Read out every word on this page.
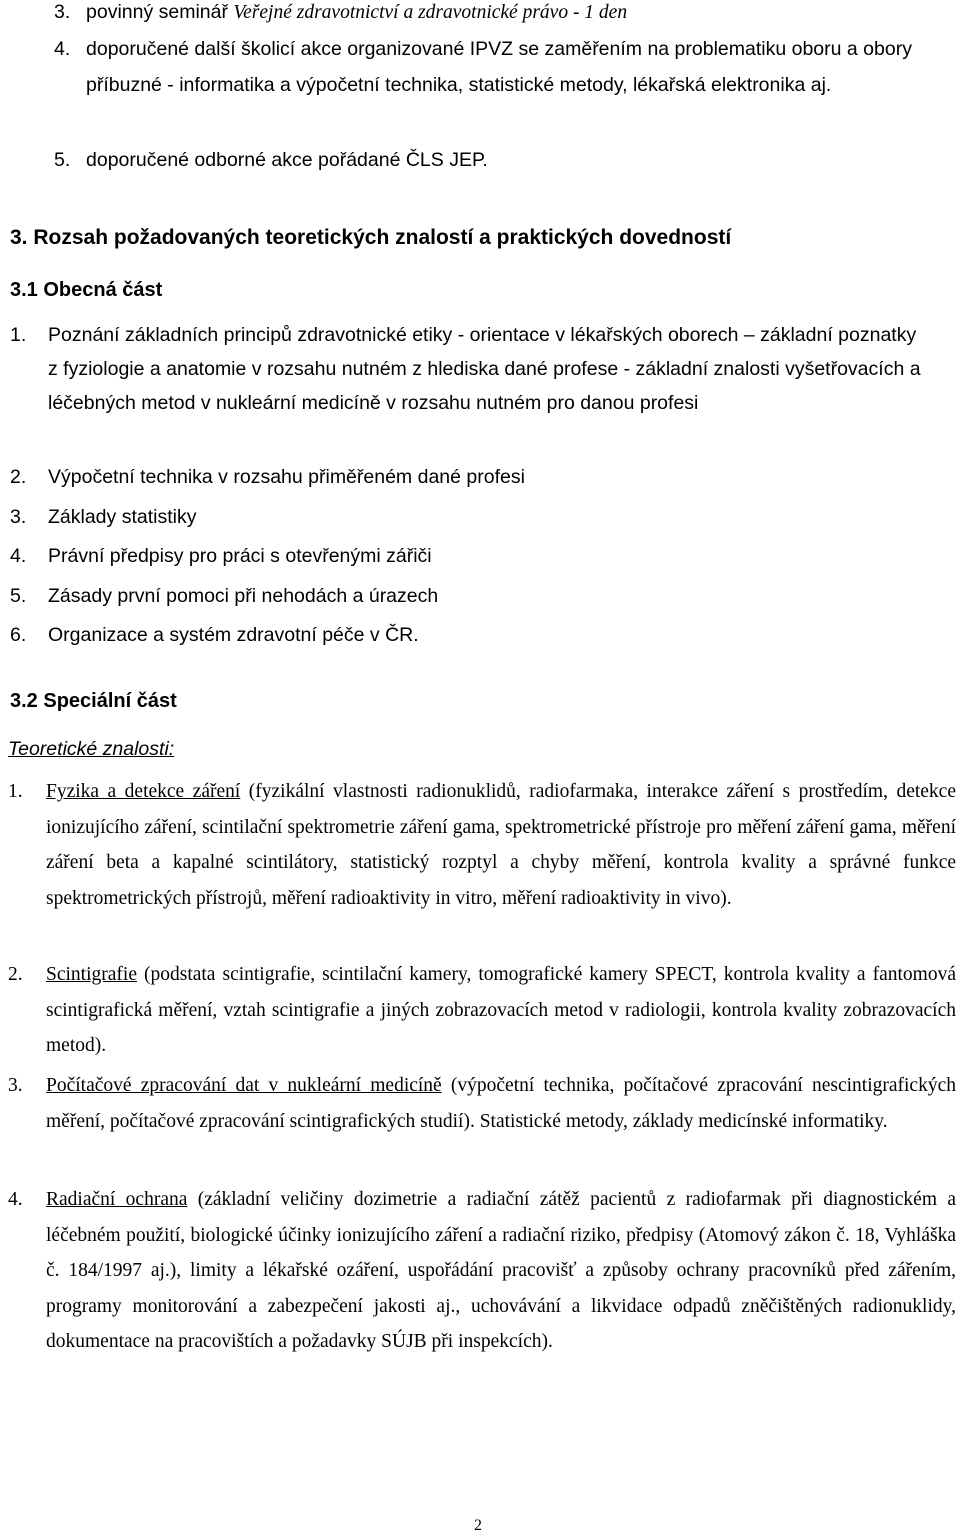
3. povinný seminář Veřejné zdravotnictví a zdravotnické právo - 1 den
4. doporučené další školicí akce organizované IPVZ se zaměřením na problematiku oboru a obory příbuzné - informatika a výpočetní technika, statistické metody, lékařská elektronika aj.
5. doporučené odborné akce pořádané ČLS JEP.
3. Rozsah požadovaných teoretických znalostí a praktických dovedností
3.1 Obecná část
1. Poznání základních principů zdravotnické etiky - orientace v lékařských oborech – základní poznatky z fyziologie a anatomie v rozsahu nutném z hlediska dané profese - základní znalosti vyšetřovacích a léčebných metod v nukleární medicíně v rozsahu nutném pro danou profesi
2. Výpočetní technika v rozsahu přiměřeném dané profesi
3. Základy statistiky
4. Právní předpisy pro práci s otevřenými zářiči
5. Zásady první pomoci při nehodách a úrazech
6. Organizace a systém zdravotní péče v ČR.
3.2 Speciální část
Teoretické znalosti:
1. Fyzika a detekce záření (fyzikální vlastnosti radionuklidů, radiofarmaka, interakce záření s prostředím, detekce ionizujícího záření, scintilační spektrometrie záření gama, spektrometrické přístroje pro měření záření gama, měření záření beta a kapalné scintilátory, statistický rozptyl a chyby měření, kontrola kvality a správné funkce spektrometrických přístrojů, měření radioaktivity in vitro, měření radioaktivity in vivo).
2. Scintigrafie (podstata scintigrafie, scintilační kamery, tomografické kamery SPECT, kontrola kvality a fantomová scintigrafická měření, vztah scintigrafie a jiných zobrazovacích metod v radiologii, kontrola kvality zobrazovacích metod).
3. Počítačové zpracování dat v nukleární medicíně (výpočetní technika, počítačové zpracování nescintigrafických měření, počítačové zpracování scintigrafických studií). Statistické metody, základy medicínské informatiky.
4. Radiační ochrana (základní veličiny dozimetrie a radiační zátěž pacientů z radiofarmak při diagnostickém a léčebném použití, biologické účinky ionizujícího záření a radiační riziko, předpisy (Atomový zákon č. 18, Vyhláška č. 184/1997 aj.), limity a lékařské ozáření, uspořádání pracovišť a způsoby ochrany pracovníků před zářením, programy monitorování a zabezpečení jakosti aj., uchovávání a likvidace odpadů zněčištěných radionuklidy, dokumentace na pracovištích a požadavky SÚJB při inspekcích).
2
